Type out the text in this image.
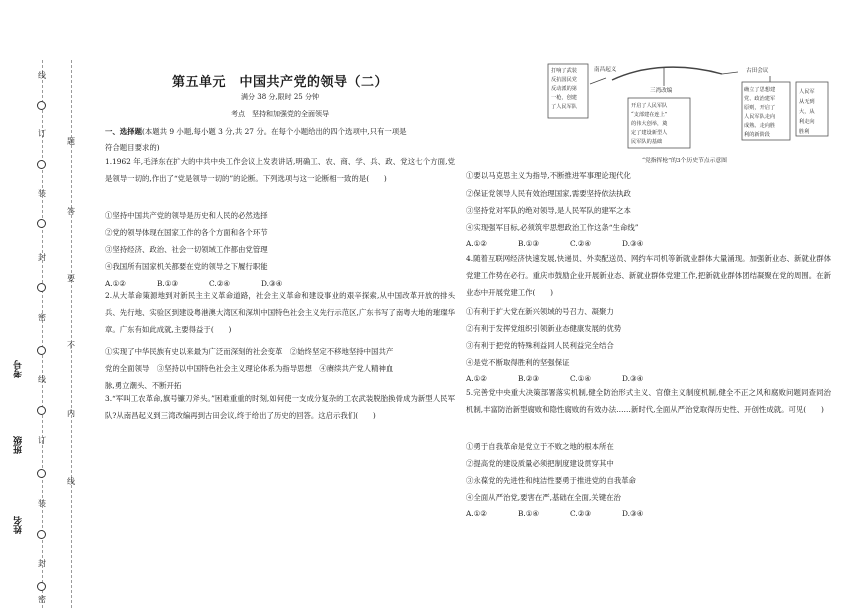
线
订
装
封
密
线
订
装
封
密
题
答
要
不
内
线
考号
班级
姓名
第五单元　中国共产党的领导（二）
满分 38 分,限时 25 分钟
考点　坚持和加强党的全面领导
一、选择题(本题共 9 小题,每小题 3 分,共 27 分。在每个小题给出的四个选项中,只有一项是
符合题目要求的)

1.1962 年,毛泽东在扩大的中共中央工作会议上发表讲话,明确工、农、商、学、兵、政、党这七个方面,党是领导一切的,作出了“党是领导一切的”的论断。下列选项与这一论断相一致的是(　　)

①坚持中国共产党的领导是历史和人民的必然选择
②党的领导体现在国家工作的各个方面和各个环节
③坚持经济、政治、社会一切领域工作都由党管理
④我国所有国家机关都要在党的领导之下履行职能
A.①②	B.①③	C.②④	D.③④

2.从大革命策源地到对新民主主义革命道路，社会主义革命和建设事业的艰辛探索,从中国改革开放的排头兵、先行地、实验区到建设粤港澳大湾区和深圳中国特色社会主义先行示范区,广东书写了南粤大地的璀璨华章。广东有如此成就,主要得益于(　　)

①实现了中华民族有史以来最为广泛而深刻的社会变革　②始终坚定不移地坚持中国共产
党的全面领导　③坚持以中国特色社会主义理论体系为指导思想　④赓续共产党人精神血
脉,勇立潮头、不断开拓

3.“军叫工农革命,旗号镰刀斧头。”困难重重的时刻,如何使一支成分复杂的工农武装脱胎换骨成为新型人民军队?从南昌起义到三湾改编再到古田会议,终于给出了历史的回答。这启示我们(　　)

打响了武装 反抗国民党 反动派的第 一枪，创建 了人民军队
南昌起义
三湾改编
古田会议
开启了人民军队 “支部建在连上” 的伟大创举，奠 定了建设新型人 民军队的基础
确立了思想建 党、政治建军 原则，开启了 人民军队走向 成熟、走向胜 利的新阶段
人民军 从无到 大，从 利走向 胜利
“党指挥枪”的3个历史节点示意图
①要以马克思主义为指导,不断推进军事理论现代化
②保证党领导人民有效治理国家,需要坚持依法执政
③坚持党对军队的绝对领导,是人民军队的建军之本
④实现强军目标,必须筑牢思想政治工作这条“生命线”
A.①②	B.①③	C.②④	D.③④

4.随着互联网经济快速发展,快递员、外卖配送员、网约车司机等新就业群体大量涌现。加强新业态、新就业群体党建工作势在必行。重庆市鼓励企业开展新业态、新就业群体党建工作,把新就业群体团结凝聚在党的周围。在新业态中开展党建工作(　　)

①有利于扩大党在新兴领域的号召力、凝聚力
②有利于发挥党组织引领新业态健康发展的优势
③有利于把党的特殊利益同人民利益完全结合
④是党不断取得胜利的坚强保证
A.①②	B.②③	C.①④	D.③④

5.完善党中央重大决策部署落实机制,健全防治形式主义、官僚主义制度机制,健全不正之风和腐败问题同查同治机制,丰富防治新型腐败和隐性腐败的有效办法……新时代,全面从严治党取得历史性、开创性成就。可见(　　)

①勇于自我革命是党立于不败之地的根本所在
②提高党的建设质量必须把制度建设贯穿其中
③永葆党的先进性和纯洁性要勇于推进党的自我革命
④全面从严治党,要害在严,基础在全面,关键在治
A.①②	B.①④	C.②③	D.③④
